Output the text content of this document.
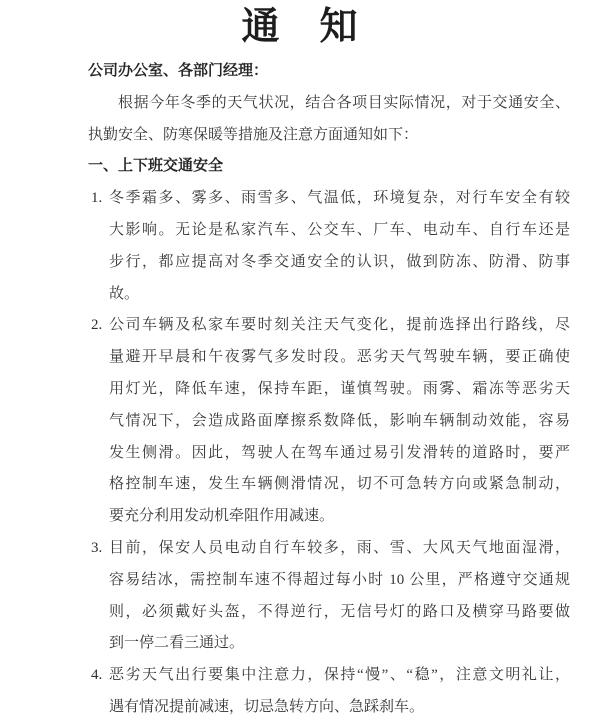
通　知
公司办公室、各部门经理：
根据今年冬季的天气状况，结合各项目实际情况，对于交通安全、
执勤安全、防寒保暖等措施及注意方面通知如下：
一、上下班交通安全
1. 冬季霜多、雾多、雨雪多、气温低，环境复杂，对行车安全有较
大影响。无论是私家汽车、公交车、厂车、电动车、自行车还是
步行，都应提高对冬季交通安全的认识，做到防冻、防滑、防事
故。
2. 公司车辆及私家车要时刻关注天气变化，提前选择出行路线，尽
量避开早晨和午夜雾气多发时段。恶劣天气驾驶车辆，要正确使
用灯光，降低车速，保持车距，谨慎驾驶。雨雾、霜冻等恶劣天
气情况下，会造成路面摩擦系数降低，影响车辆制动效能，容易
发生侧滑。因此，驾驶人在驾车通过易引发滑转的道路时，要严
格控制车速，发生车辆侧滑情况，切不可急转方向或紧急制动，
要充分利用发动机牵阻作用减速。
3. 目前，保安人员电动自行车较多，雨、雪、大风天气地面湿滑，
容易结冰，需控制车速不得超过每小时 10 公里，严格遵守交通规
则，必须戴好头盔，不得逆行，无信号灯的路口及横穿马路要做
到一停二看三通过。
4. 恶劣天气出行要集中注意力，保持“慢”、“稳”，注意文明礼让，
遇有情况提前减速，切忌急转方向、急踩刹车。
